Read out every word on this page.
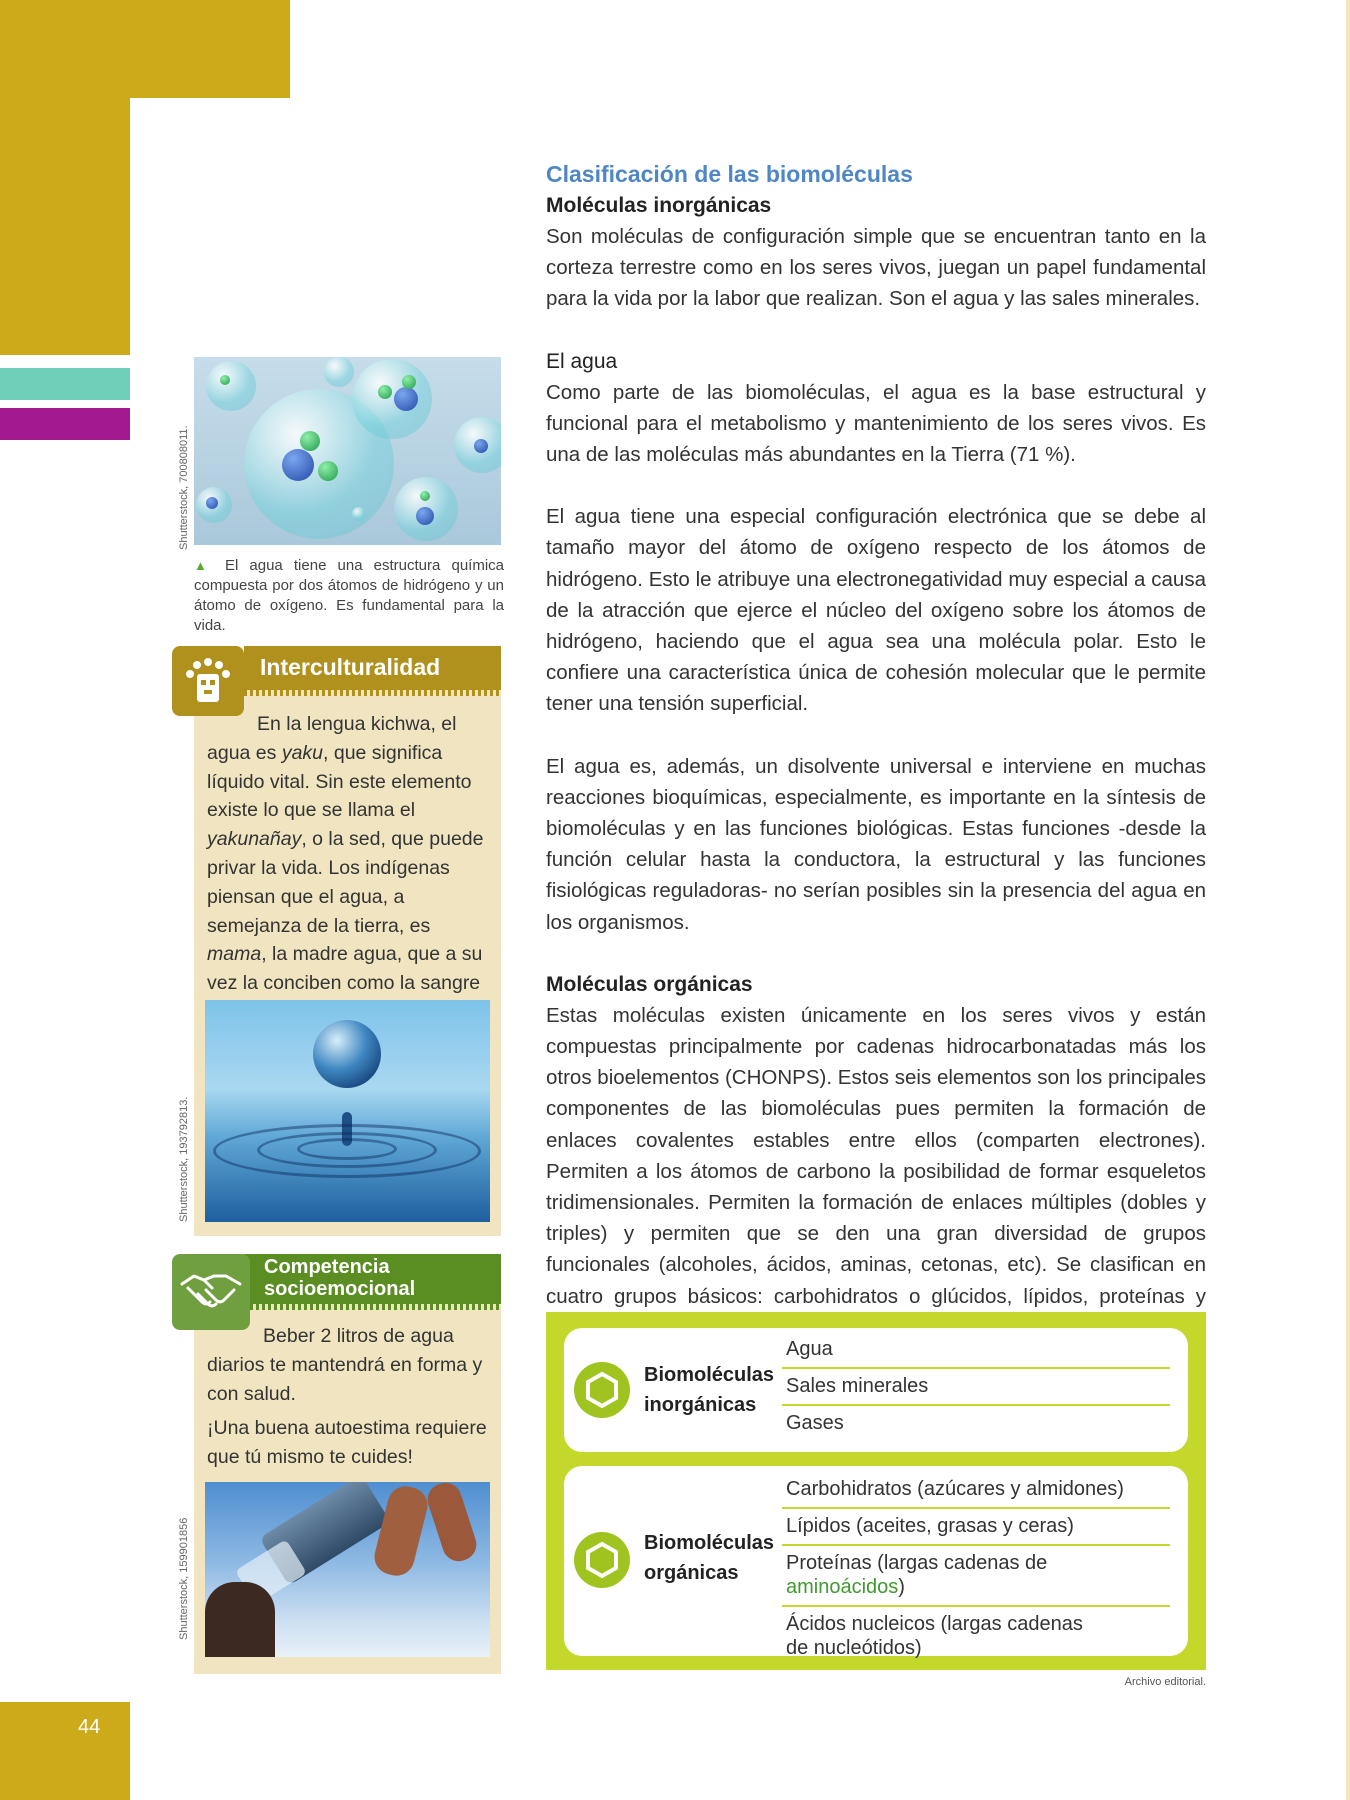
44
Clasificación de las biomoléculas
Moléculas inorgánicas

Son moléculas de configuración simple que se encuentran tanto en la corteza terrestre como en los seres vivos, juegan un papel fundamental para la vida por la labor que realizan. Son el agua y las sales minerales.

El agua

Como parte de las biomoléculas, el agua es la base estructural y funcional para el metabolismo y mantenimiento de los seres vivos. Es una de las moléculas más abundantes en la Tierra (71 %).

El agua tiene una especial configuración electrónica que se debe al tamaño mayor del átomo de oxígeno respecto de los átomos de hidrógeno. Esto le atribuye una electronegatividad muy especial a causa de la atracción que ejerce el núcleo del oxígeno sobre los átomos de hidrógeno, haciendo que el agua sea una molécula polar. Esto le confiere una característica única de cohesión molecular que le permite tener una tensión superficial.

El agua es, además, un disolvente universal e interviene en muchas reacciones bioquímicas, especialmente, es importante en la síntesis de biomoléculas y en las funciones biológicas. Estas funciones -desde la función celular hasta la conductora, la estructural y las funciones fisiológicas reguladoras- no serían posibles sin la presencia del agua en los organismos.

Moléculas orgánicas

Estas moléculas existen únicamente en los seres vivos y están compuestas principalmente por cadenas hidrocarbonatadas más los otros bioelementos (CHONPS). Estos seis elementos son los principales componentes de las biomoléculas pues permiten la formación de enlaces covalentes estables entre ellos (comparten electrones). Permiten a los átomos de carbono la posibilidad de formar esqueletos tridimensionales. Permiten la formación de enlaces múltiples (dobles y triples) y permiten que se den una gran diversidad de grupos funcionales (alcoholes, ácidos, aminas, cetonas, etc). Se clasifican en cuatro grupos básicos: carbohidratos o glúcidos, lípidos, proteínas y

Shutterstock, 700808011.
▲ El agua tiene una estructura química compuesta por dos átomos de hidrógeno y un átomo de oxígeno. Es fundamental para la vida.
Interculturalidad
En la lengua kichwa, el agua es yaku, que significa líquido vital. Sin este elemento existe lo que se llama el yakunañay, o la sed, que puede privar la vida. Los indígenas piensan que el agua, a semejanza de la tierra, es mama, la madre agua, que a su vez la conciben como la sangre
Shutterstock, 193792813.
Competencia
socioemocional
Beber 2 litros de agua diarios te mantendrá en forma y con salud.
¡Una buena autoestima requiere que tú mismo te cuides!
Shutterstock, 159901856
Biomoléculas
inorgánicas
Agua
Sales minerales
Gases
Biomoléculas
orgánicas
Carbohidratos (azúcares y almidones)
Lípidos (aceites, grasas y ceras)
Proteínas (largas cadenas de aminoácidos)
Ácidos nucleicos (largas cadenas
de nucleótidos)
Archivo editorial.
